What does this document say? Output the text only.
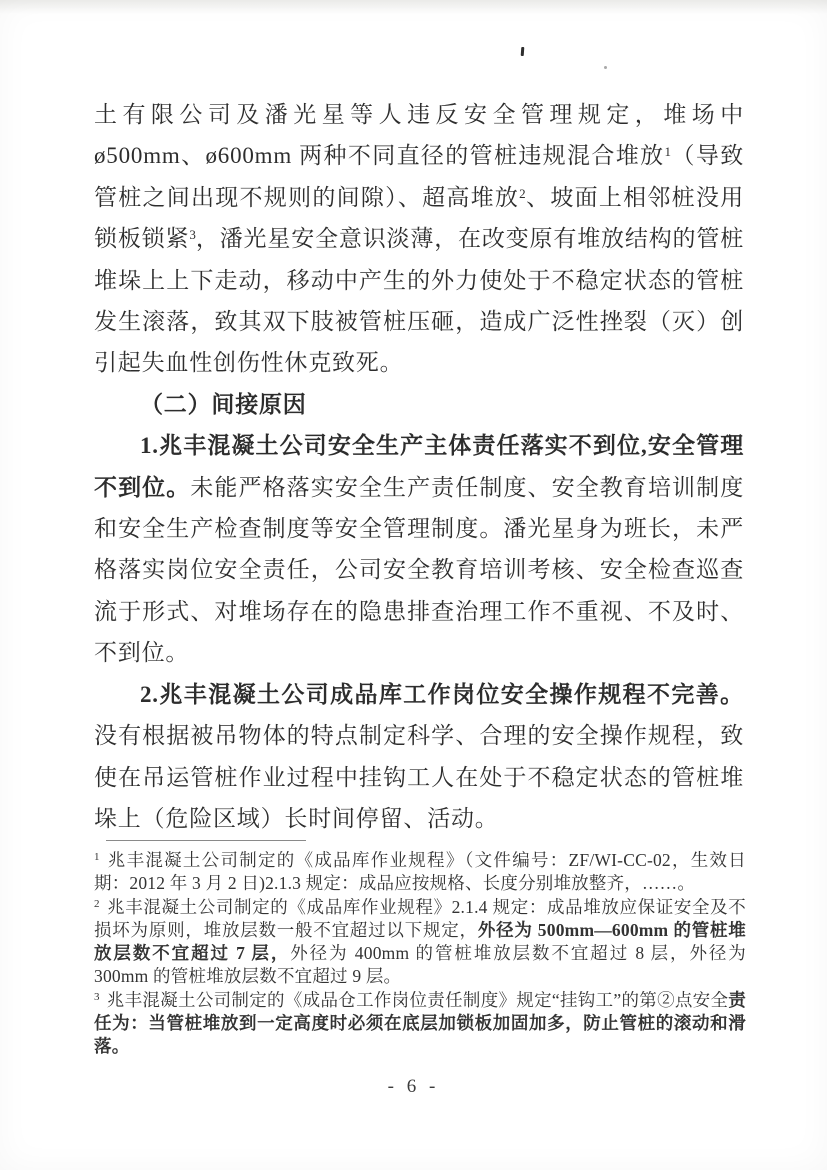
土有限公司及潘光星等人违反安全管理规定，堆场中ø500mm、ø600mm 两种不同直径的管桩违规混合堆放$^1$（导致管桩之间出现不规则的间隙）、超高堆放$^2$、坡面上相邻桩没用锁板锁紧$^3$，潘光星安全意识淡薄，在改变原有堆放结构的管桩堆垛上上下走动，移动中产生的外力使处于不稳定状态的管桩发生滚落，致其双下肢被管桩压砸，造成广泛性挫裂（灭）创引起失血性创伤性休克致死。

（二）间接原因

1.兆丰混凝土公司安全生产主体责任落实不到位,安全管理不到位。未能严格落实安全生产责任制度、安全教育培训制度和安全生产检查制度等安全管理制度。潘光星身为班长，未严格落实岗位安全责任，公司安全教育培训考核、安全检查巡查流于形式、对堆场存在的隐患排查治理工作不重视、不及时、不到位。

2.兆丰混凝土公司成品库工作岗位安全操作规程不完善。没有根据被吊物体的特点制定科学、合理的安全操作规程，致使在吊运管桩作业过程中挂钩工人在处于不稳定状态的管桩堆垛上（危险区域）长时间停留、活动。

$^1$ 兆丰混凝土公司制定的《成品库作业规程》（文件编号：ZF/WI-CC-02，生效日期：2012 年 3 月 2 日)2.1.3 规定：成品应按规格、长度分别堆放整齐，……。

$^2$ 兆丰混凝土公司制定的《成品库作业规程》2.1.4 规定：成品堆放应保证安全及不损坏为原则，堆放层数一般不宜超过以下规定，外径为 500mm—600mm 的管桩堆放层数不宜超过 7 层，外径为 400mm 的管桩堆放层数不宜超过 8 层，外径为 300mm 的管桩堆放层数不宜超过 9 层。

$^3$ 兆丰混凝土公司制定的《成品仓工作岗位责任制度》规定“挂钩工”的第②点安全责任为：当管桩堆放到一定高度时必须在底层加锁板加固加多，防止管桩的滚动和滑落。

- 6 -
